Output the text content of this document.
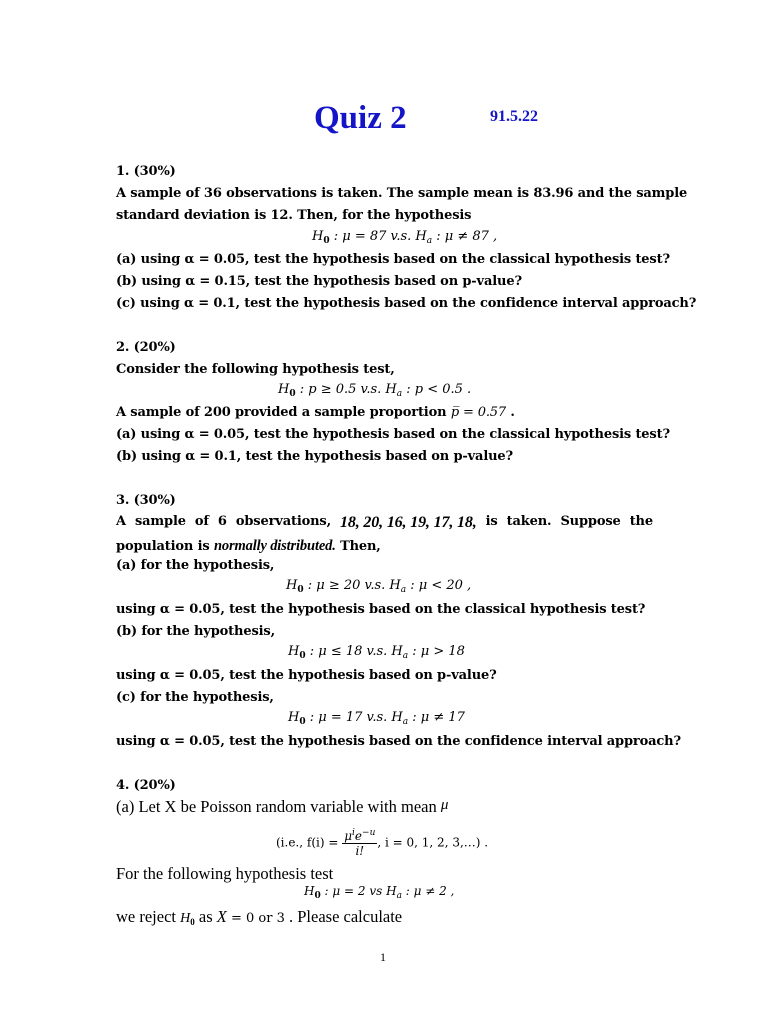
Quiz 2	91.5.22
1. (30%)
A sample of 36 observations is taken. The sample mean is 83.96 and the sample
standard deviation is 12. Then, for the hypothesis
$H_0$ : μ = 87 v.s. $H_a$ : μ ≠ 87 ,
(a) using α = 0.05, test the hypothesis based on the classical hypothesis test?
(b) using α = 0.15, test the hypothesis based on p-value?
(c) using α = 0.1, test the hypothesis based on the confidence interval approach?
2. (20%)
Consider the following hypothesis test,
$H_0$ : p ≥ 0.5 v.s. $H_a$ : p < 0.5 .
A sample of 200 provided a sample proportion p̅ = 0.57 .
(a) using α = 0.05, test the hypothesis based on the classical hypothesis test?
(b) using α = 0.1, test the hypothesis based on p-value?
3. (30%)
A sample of 6 observations, 18, 20, 16, 19, 17, 18, is taken. Suppose the
population is normally distributed. Then,
(a) for the hypothesis,
$H_0$ : μ ≥ 20 v.s. $H_a$ : μ < 20 ,
using α = 0.05, test the hypothesis based on the classical hypothesis test?
(b) for the hypothesis,
$H_0$ : μ ≤ 18 v.s. $H_a$ : μ > 18
using α = 0.05, test the hypothesis based on p-value?
(c) for the hypothesis,
$H_0$ : μ = 17 v.s. $H_a$ : μ ≠ 17
using α = 0.05, test the hypothesis based on the confidence interval approach?
4. (20%)
(a) Let X be Poisson random variable with mean μ
(i.e., $f(i) = \frac{\mu^ie^{-u}}{i!}$ , i = 0, 1, 2, 3,…) .
For the following hypothesis test
$H_0$ : μ = 2 vs $H_a$ : μ ≠ 2 ,
we reject $H_0$ as X = 0 or 3 . Please calculate
1
